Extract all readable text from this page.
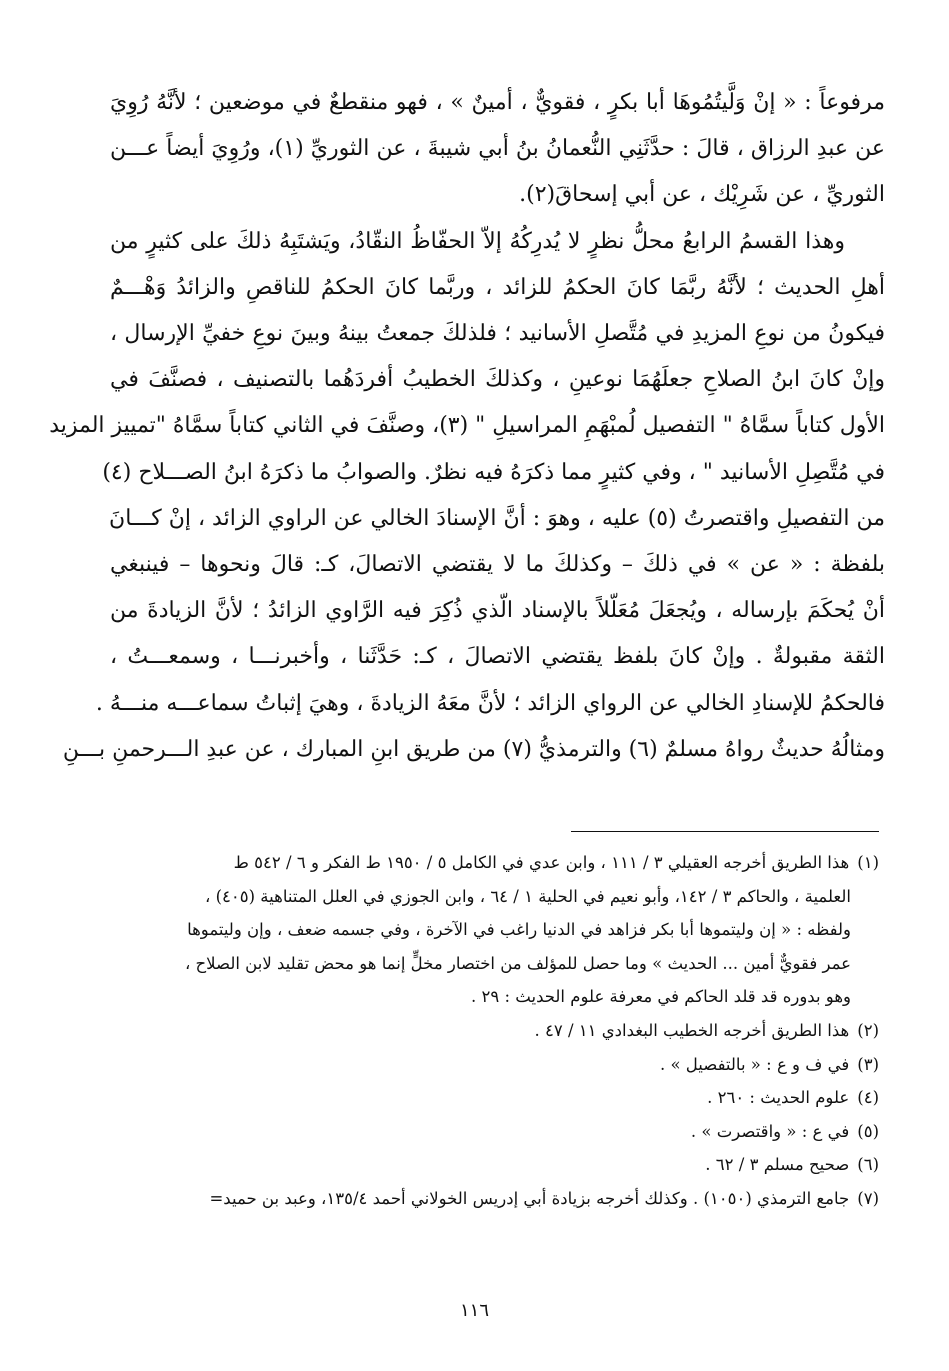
مرفوعاً : « إنْ وَلَّيتُمُوهَا أبا بكرٍ ، فقويٌّ ، أمينٌ » ، فهو منقطعٌ في موضعين ؛ لأنَّهُ رُوِيَ
عن عبدِ الرزاق ، قالَ : حدَّثَنِي النُّعمانُ بنُ أبي شيبةَ ، عن الثوريِّ (١)، ورُوِيَ أيضاً عـــن
الثوريِّ ، عن شَرِيْك ، عن أبي إسحاقَ(٢).

وهذا القسمُ الرابعُ محلُّ نظرٍ لا يُدرِكُهُ إلاّ الحفّاظُ النقّادُ، ويَشتَبِهُ ذلكَ على كثيرٍ من
أهلِ الحديث ؛ لأنَّهُ ربَّمَا كانَ الحكمُ للزائد ، وربَّما كانَ الحكمُ للناقصِ والزائدُ وَهْـــمٌ
فيكونُ من نوعِ المزيدِ في مُتَّصلِ الأسانيد ؛ فلذلكَ جمعتُ بينهُ وبينَ نوعِ خفيِّ الإرسال ،
وإنْ كانَ ابنُ الصلاحِ جعلَهُمَا نوعينِ ، وكذلكَ الخطيبُ أفردَهُما بالتصنيف ، فصنَّفَ في
الأول كتاباً سمَّاهُ " التفصيل لُمبْهَمِ المراسيلِ " (٣)، وصنَّفَ في الثاني كتاباً سمَّاهُ "تمييز المزيد
في مُتَّصِلِ الأسانيد " ، وفي كثيرٍ مما ذكرَهُ فيه نظرٌ. والصوابُ ما ذكرَهُ ابنُ الصـــلاح (٤)
من التفصيلِ واقتصرتُ (٥) عليه ، وهوَ : أنَّ الإسنادَ الخالي عن الراوي الزائد ، إنْ كـــانَ
بلفظة : « عن » في ذلكَ – وكذلكَ ما لا يقتضي الاتصالَ، كـ: قالَ ونحوها – فينبغي
أنْ يُحكَمَ بإرساله ، ويُجعَلَ مُعَلّلاً بالإسناد الّذي ذُكِرَ فيه الرَّاوي الزائدُ ؛ لأنَّ الزيادةَ من
الثقة مقبولةٌ . وإنْ كانَ بلفظ يقتضي الاتصالَ ، كـ: حَدَّثَنا ، وأخبرنـــا ، وسمعـــتُ ،
فالحكمُ للإسنادِ الخالي عن الرواي الزائد ؛ لأنَّ معَهُ الزيادةَ ، وهيَ إثباتُ سماعـــه منـــهُ .
ومثالُهُ حديثٌ رواهُ مسلمٌ (٦) والترمذيُّ (٧) من طريق ابنِ المبارك ، عن عبدِ الـــرحمنِ بـــنِ

(١)هذا الطريق أخرجه العقيلي ٣ / ١١١ ، وابن عدي في الكامل ٥ / ١٩٥٠ ط الفكر و ٦ / ٥٤٢ ط
العلمية ، والحاكم ٣ / ١٤٢، وأبو نعيم في الحلية ١ / ٦٤ ، وابن الجوزي في العلل المتناهية (٤٠٥) ،
ولفظه : « إن وليتموها أبا بكر فزاهد في الدنيا راغب في الآخرة ، وفي جسمه ضعف ، وإن وليتموها
عمر فقويٌّ أمين ... الحديث » وما حصل للمؤلف من اختصار مخلٍّ إنما هو محض تقليد لابن الصلاح ،
وهو بدوره قد قلد الحاكم في معرفة علوم الحديث : ٢٩ .
(٢)هذا الطريق أخرجه الخطيب البغدادي ١١ / ٤٧ .
(٣)في ف و ع : « بالتفصيل » .
(٤)علوم الحديث : ٢٦٠ .
(٥)في ع : « واقتصرت » .
(٦)صحيح مسلم ٣ / ٦٢ .
(٧)جامع الترمذي (١٠٥٠) . وكذلك أخرجه بزيادة أبي إدريس الخولاني أحمد ١٣٥/٤، وعبد بن حميد=
١١٦
